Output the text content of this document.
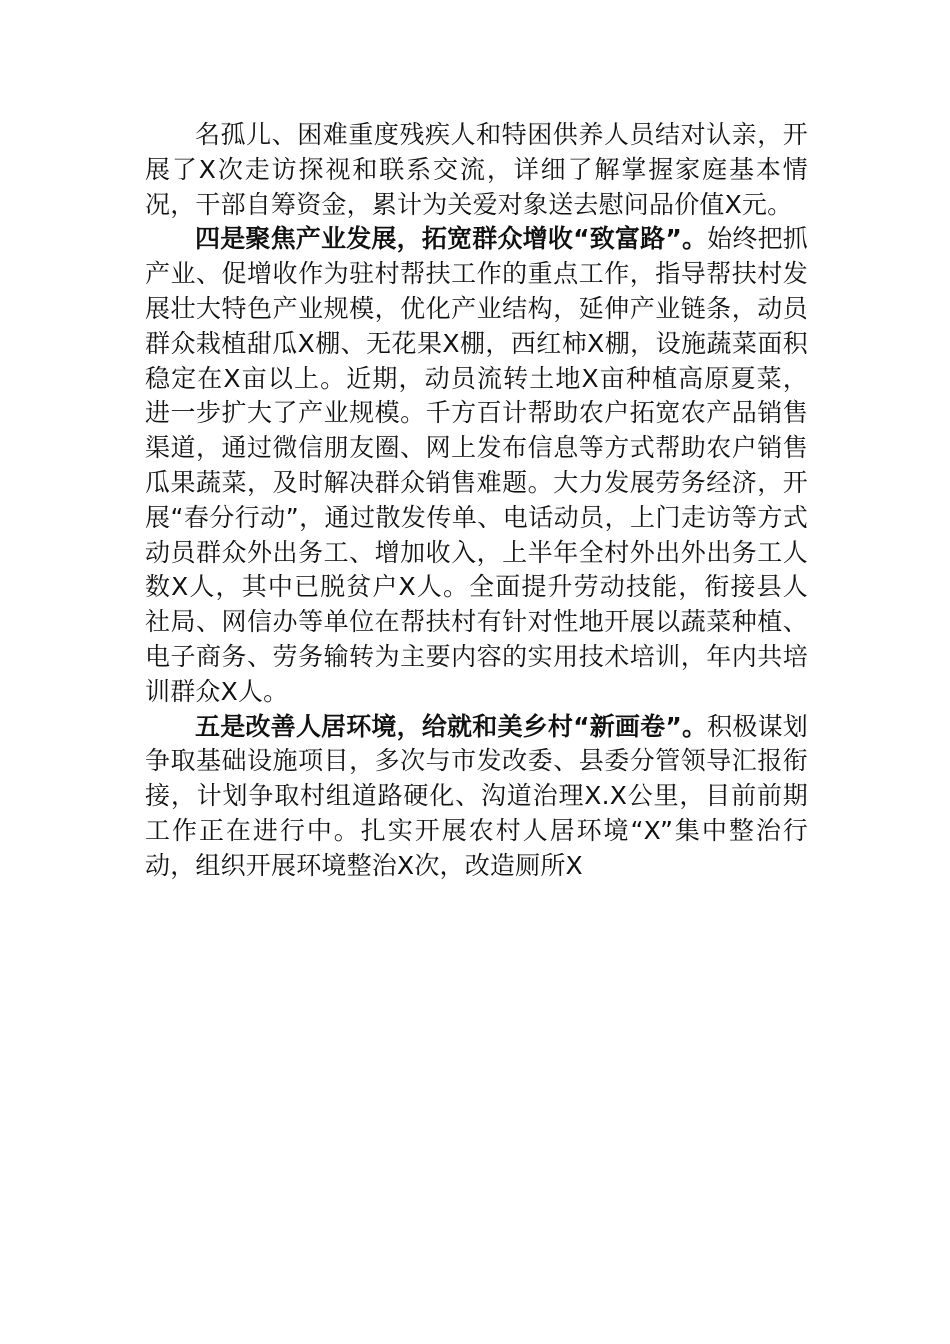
名孤儿、困难重度残疾人和特困供养人员结对认亲，开展了X次走访探视和联系交流，详细了解掌握家庭基本情况，干部自筹资金，累计为关爱对象送去慰问品价值X元。

四是聚焦产业发展，拓宽群众增收“致富路”。始终把抓产业、促增收作为驻村帮扶工作的重点工作，指导帮扶村发展壮大特色产业规模，优化产业结构，延伸产业链条，动员群众栽植甜瓜X棚、无花果X棚，西红柿X棚，设施蔬菜面积稳定在X亩以上。近期，动员流转土地X亩种植高原夏菜，进一步扩大了产业规模。千方百计帮助农户拓宽农产品销售渠道，通过微信朋友圈、网上发布信息等方式帮助农户销售瓜果蔬菜，及时解决群众销售难题。大力发展劳务经济，开展“春分行动”，通过散发传单、电话动员，上门走访等方式动员群众外出务工、增加收入，上半年全村外出外出务工人数X人，其中已脱贫户X人。全面提升劳动技能，衔接县人社局、网信办等单位在帮扶村有针对性地开展以蔬菜种植、电子商务、劳务输转为主要内容的实用技术培训，年内共培训群众X人。

五是改善人居环境，给就和美乡村“新画卷”。积极谋划争取基础设施项目，多次与市发改委、县委分管领导汇报衔接，计划争取村组道路硬化、沟道治理X.X公里，目前前期工作正在进行中。扎实开展农村人居环境“X”集中整治行动，组织开展环境整治X次，改造厕所X
